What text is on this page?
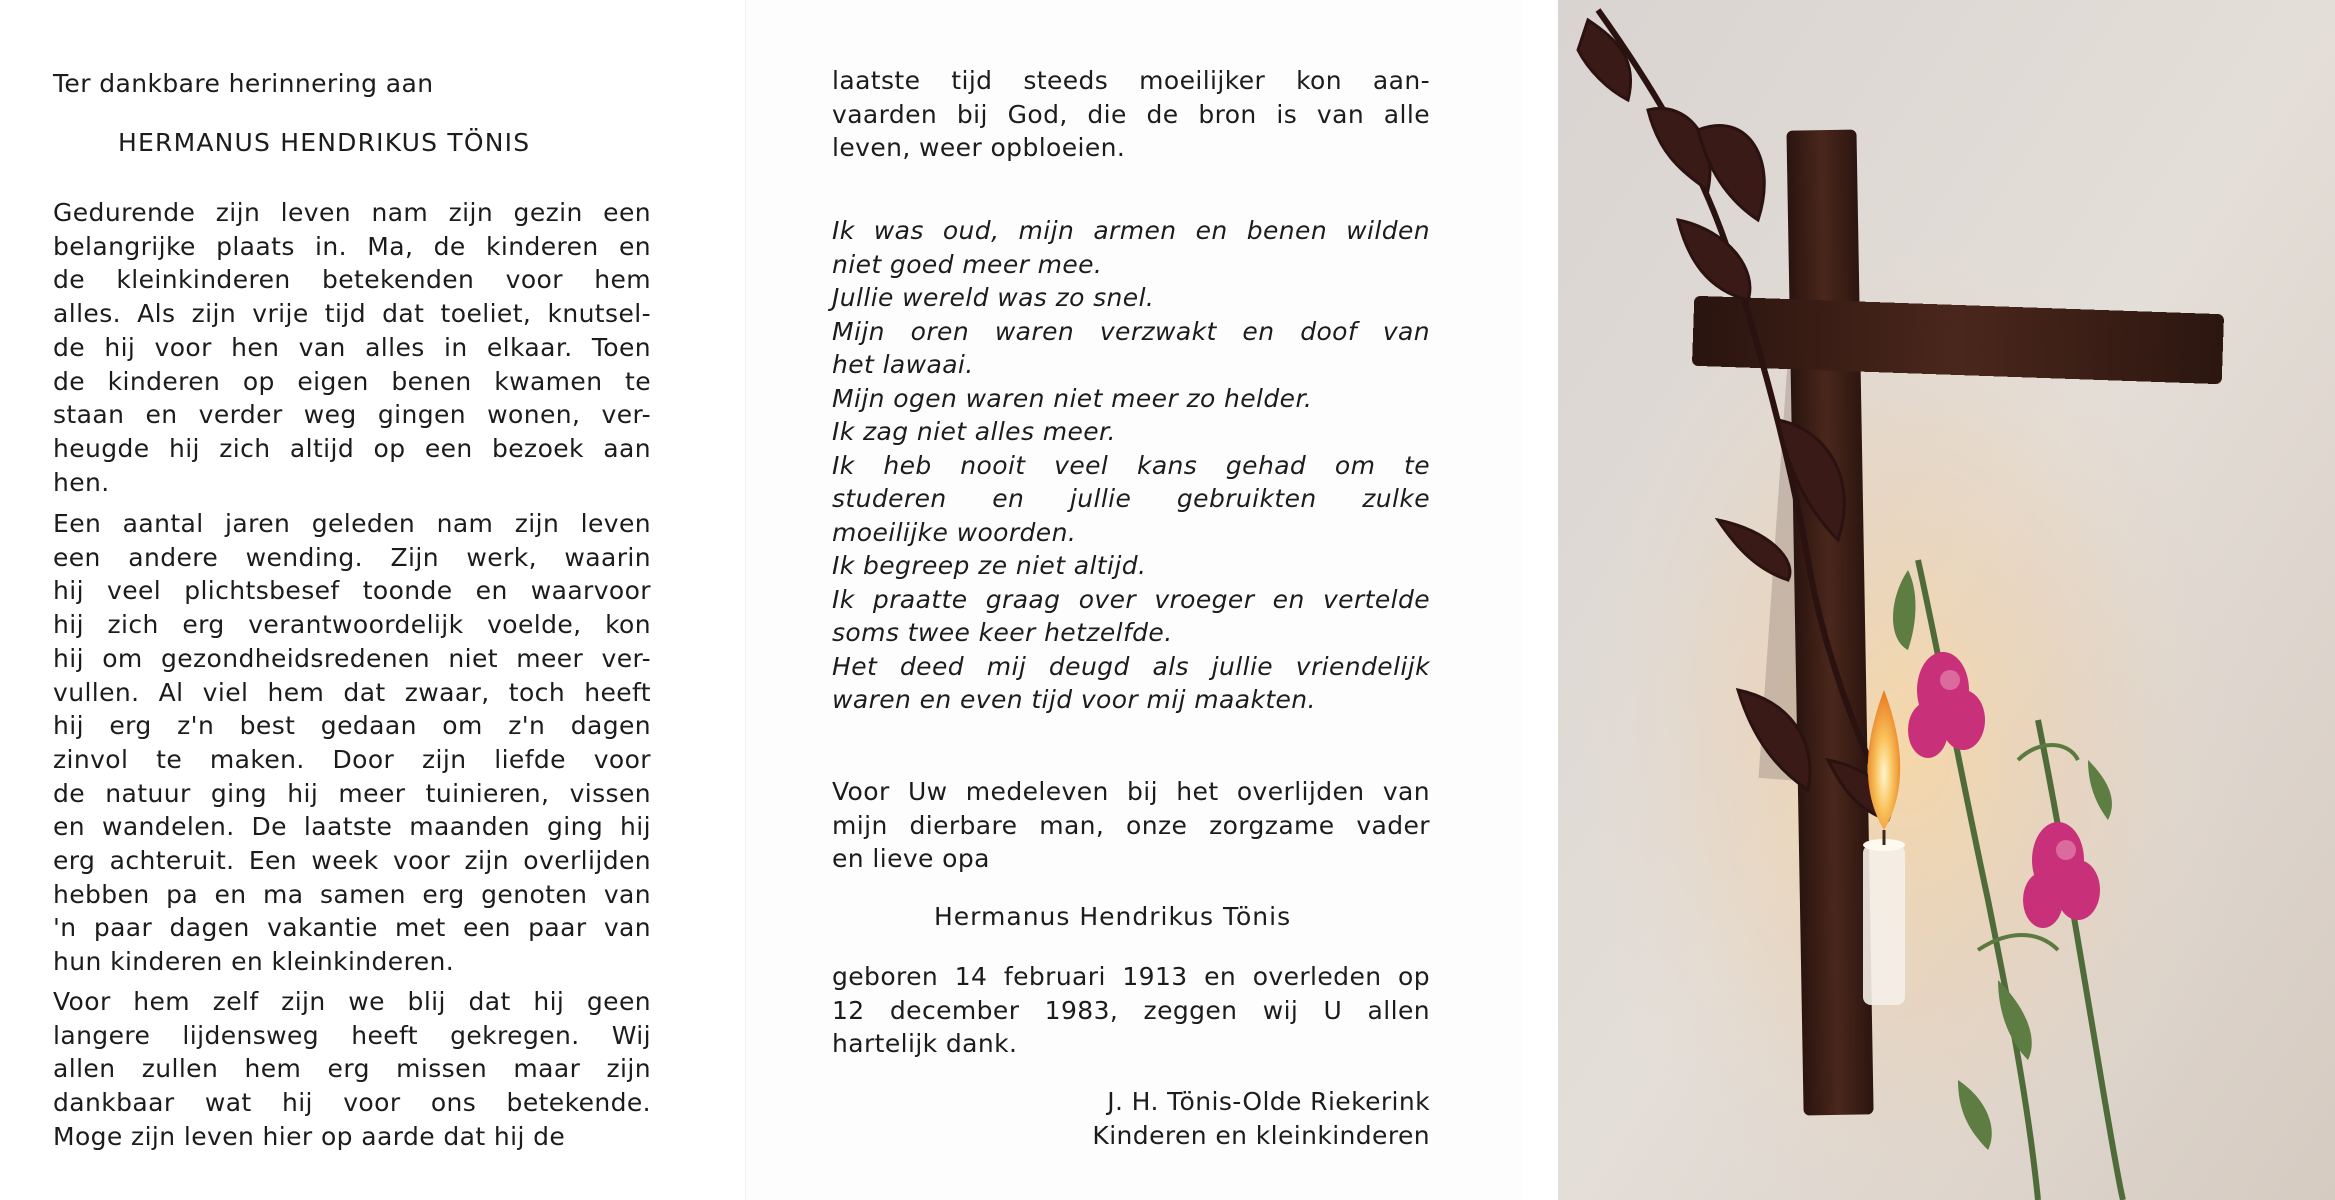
Ter dankbare herinnering aan
HERMANUS HENDRIKUS TÖNIS
Gedurende zijn leven nam zijn gezin een
belangrijke plaats in. Ma, de kinderen en
de kleinkinderen betekenden voor hem
alles. Als zijn vrije tijd dat toeliet, knutsel-
de hij voor hen van alles in elkaar. Toen
de kinderen op eigen benen kwamen te
staan en verder weg gingen wonen, ver-
heugde hij zich altijd op een bezoek aan
hen.
Een aantal jaren geleden nam zijn leven
een andere wending. Zijn werk, waarin
hij veel plichtsbesef toonde en waarvoor
hij zich erg verantwoordelijk voelde, kon
hij om gezondheidsredenen niet meer ver-
vullen. Al viel hem dat zwaar, toch heeft
hij erg z'n best gedaan om z'n dagen
zinvol te maken. Door zijn liefde voor
de natuur ging hij meer tuinieren, vissen
en wandelen. De laatste maanden ging hij
erg achteruit. Een week voor zijn overlijden
hebben pa en ma samen erg genoten van
'n paar dagen vakantie met een paar van
hun kinderen en kleinkinderen.
Voor hem zelf zijn we blij dat hij geen
langere lijdensweg heeft gekregen. Wij
allen zullen hem erg missen maar zijn
dankbaar wat hij voor ons betekende.
Moge zijn leven hier op aarde dat hij de
laatste tijd steeds moeilijker kon aan-
vaarden bij God, die de bron is van alle
leven, weer opbloeien.
Ik was oud, mijn armen en benen wilden
niet goed meer mee.
Jullie wereld was zo snel.
Mijn oren waren verzwakt en doof van
het lawaai.
Mijn ogen waren niet meer zo helder.
Ik zag niet alles meer.
Ik heb nooit veel kans gehad om te
studeren en jullie gebruikten zulke
moeilijke woorden.
Ik begreep ze niet altijd.
Ik praatte graag over vroeger en vertelde
soms twee keer hetzelfde.
Het deed mij deugd als jullie vriendelijk
waren en even tijd voor mij maakten.
Voor Uw medeleven bij het overlijden van
mijn dierbare man, onze zorgzame vader
en lieve opa
Hermanus Hendrikus Tönis
geboren 14 februari 1913 en overleden op
12 december 1983, zeggen wij U allen
hartelijk dank.
J. H. Tönis-Olde Riekerink
Kinderen en kleinkinderen
